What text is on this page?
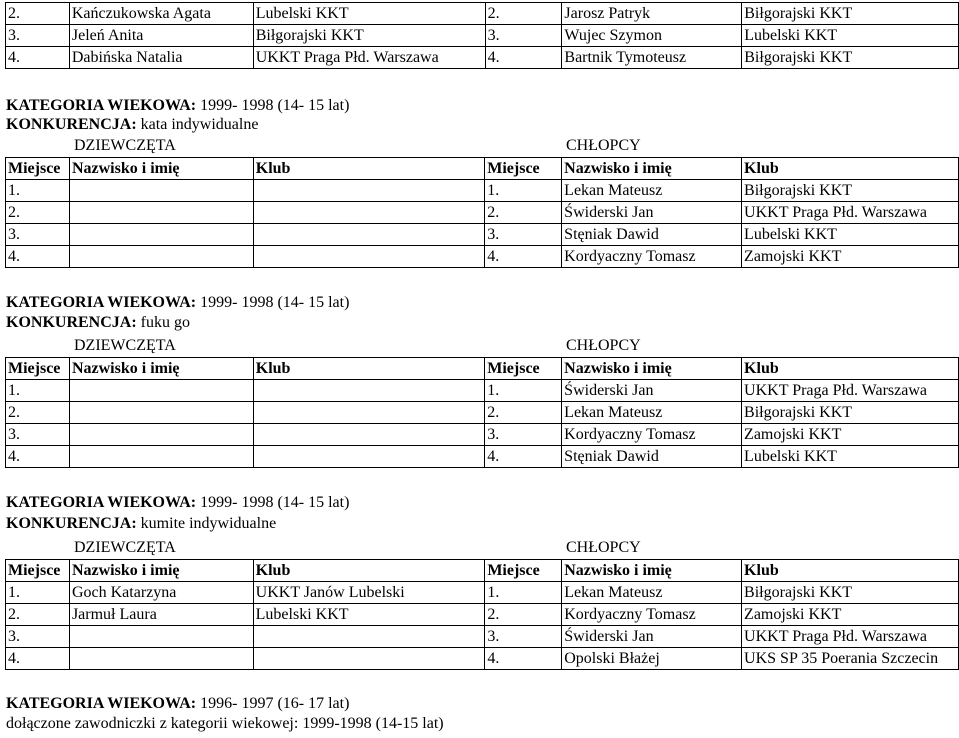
2.	Kańczukowska Agata	Lubelski KKT	2.	Jarosz Patryk	Biłgorajski KKT
3.	Jeleń Anita	Biłgorajski KKT	3.	Wujec Szymon	Lubelski KKT
4.	Dabińska Natalia	UKKT Praga Płd. Warszawa	4.	Bartnik Tymoteusz	Biłgorajski KKT
KATEGORIA WIEKOWA: 1999- 1998 (14- 15 lat)
KONKURENCJA: kata indywidualne
DZIEWCZĘTA	CHŁOPCY
Miejsce	Nazwisko i imię	Klub	Miejsce	Nazwisko i imię	Klub
1.			1.	Lekan Mateusz	Biłgorajski KKT
2.			2.	Świderski Jan	UKKT Praga Płd. Warszawa
3.			3.	Stęniak Dawid	Lubelski KKT
4.			4.	Kordyaczny Tomasz	Zamojski KKT
KATEGORIA WIEKOWA: 1999- 1998 (14- 15 lat)
KONKURENCJA: fuku go
DZIEWCZĘTA	CHŁOPCY
Miejsce	Nazwisko i imię	Klub	Miejsce	Nazwisko i imię	Klub
1.			1.	Świderski Jan	UKKT Praga Płd. Warszawa
2.			2.	Lekan Mateusz	Biłgorajski KKT
3.			3.	Kordyaczny Tomasz	Zamojski KKT
4.			4.	Stęniak Dawid	Lubelski KKT
KATEGORIA WIEKOWA: 1999- 1998 (14- 15 lat)
KONKURENCJA: kumite indywidualne
DZIEWCZĘTA	CHŁOPCY
Miejsce	Nazwisko i imię	Klub	Miejsce	Nazwisko i imię	Klub
1.	Goch Katarzyna	UKKT Janów Lubelski	1.	Lekan Mateusz	Biłgorajski KKT
2.	Jarmuł Laura	Lubelski KKT	2.	Kordyaczny Tomasz	Zamojski KKT
3.			3.	Świderski Jan	UKKT Praga Płd. Warszawa
4.			4.	Opolski Błażej	UKS SP 35 Poerania Szczecin
KATEGORIA WIEKOWA: 1996- 1997 (16- 17 lat)
dołączone zawodniczki z kategorii wiekowej: 1999-1998 (14-15 lat)
